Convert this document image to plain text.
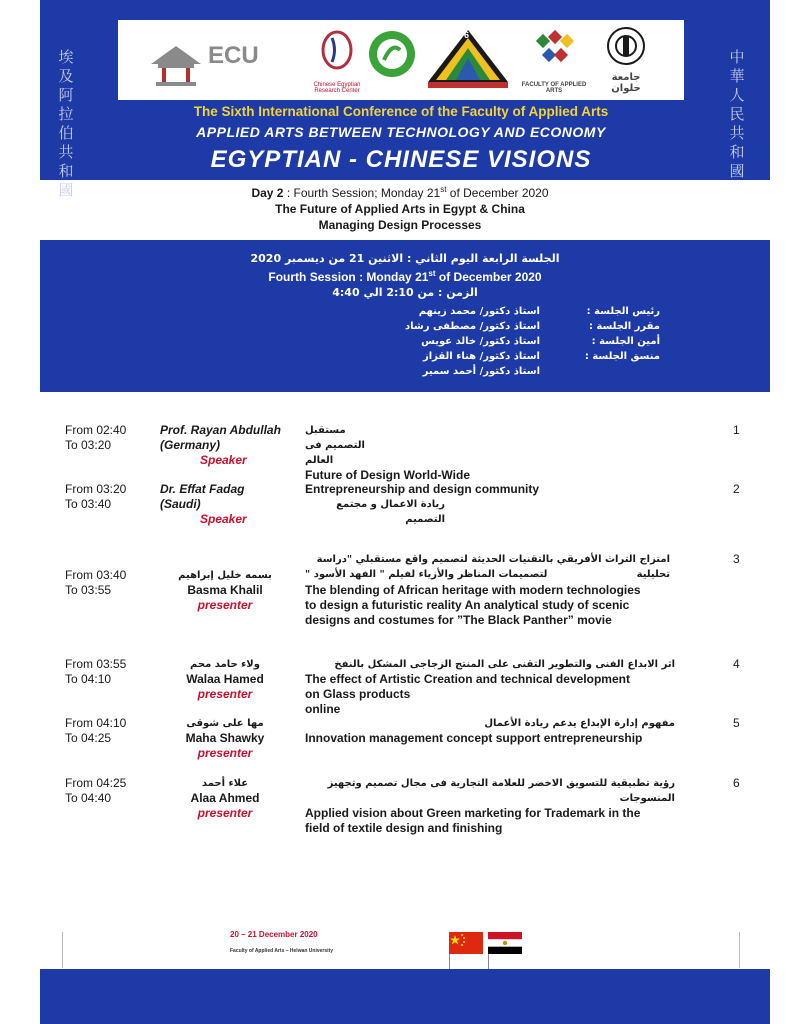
埃及阿拉伯共和國
中華人民共和國
ECU
Chinese Egyptian Research Center
6
FACULTY OF APPLIED ARTS
جامعة حلوان
The Sixth International Conference of the Faculty of Applied Arts
APPLIED ARTS BETWEEN TECHNOLOGY AND ECONOMY
EGYPTIAN - CHINESE VISIONS
Day 2 : Fourth Session; Monday 21st of December 2020
The Future of Applied Arts in Egypt & China
Managing Design Processes
الجلسة الرابعة اليوم الثاني : الاثنين 21 من ديسمبر 2020
Fourth Session : Monday 21st of December 2020
الزمن : من 2:10 الي 4:40
رئيس الجلسة :
استاذ دكتور/ محمد زينهم
مقرر الجلسة :
استاذ دكتور/ مصطفى رشاد
أمين الجلسة :
استاذ دكتور/ خالد عويس
منسق الجلسة :
استاذ دكتور/ هناء القزاز
استاذ دكتور/ أحمد سمير
From 02:40
To 03:20
Prof. Rayan Abdullah
(Germany)
Speaker
مستقبل التصميم فى العالم
Future of Design World-Wide
1
From 03:20
To 03:40
Dr. Effat Fadag
(Saudi)
Speaker
Entrepreneurship and design community
ريادة الاعمال و مجتمع التصميم
2
امتزاج التراث الأفريقي بالتقنيات الحديثة لتصميم واقع مستقبلي "دراسة تحليلية
لتصميمات المناظر والأزياء لفيلم " الفهد الأسود "
From 03:40
To 03:55
بسمه خليل إبراهيم
Basma Khalil
presenter
The blending of African heritage with modern technologies
to design a futuristic reality An analytical study of scenic
designs and costumes for ”The Black Panther” movie
3
From 03:55
To 04:10
ولاء حامد محم
Walaa Hamed
presenter
اثر الابداع الفنى والتطوير التقنى على المنتج الزجاجى المشكل بالنفخ
The effect of Artistic Creation and technical development
on Glass products
online
4
From 04:10
To 04:25
مها على شوقى
Maha Shawky
presenter
مفهوم إدارة الإبداع يدعم ريادة الأعمال
Innovation management concept support entrepreneurship
5
From 04:25
To 04:40
علاء أحمد
Alaa Ahmed
presenter
رؤية تطبيقية للتسويق الاخضر للعلامة التجارية فى مجال تصميم وتجهيز المنسوجات
Applied vision about Green marketing for Trademark in the
field of textile design and finishing
6
20 – 21 December 2020
Faculty of Applied Arts – Helwan University
